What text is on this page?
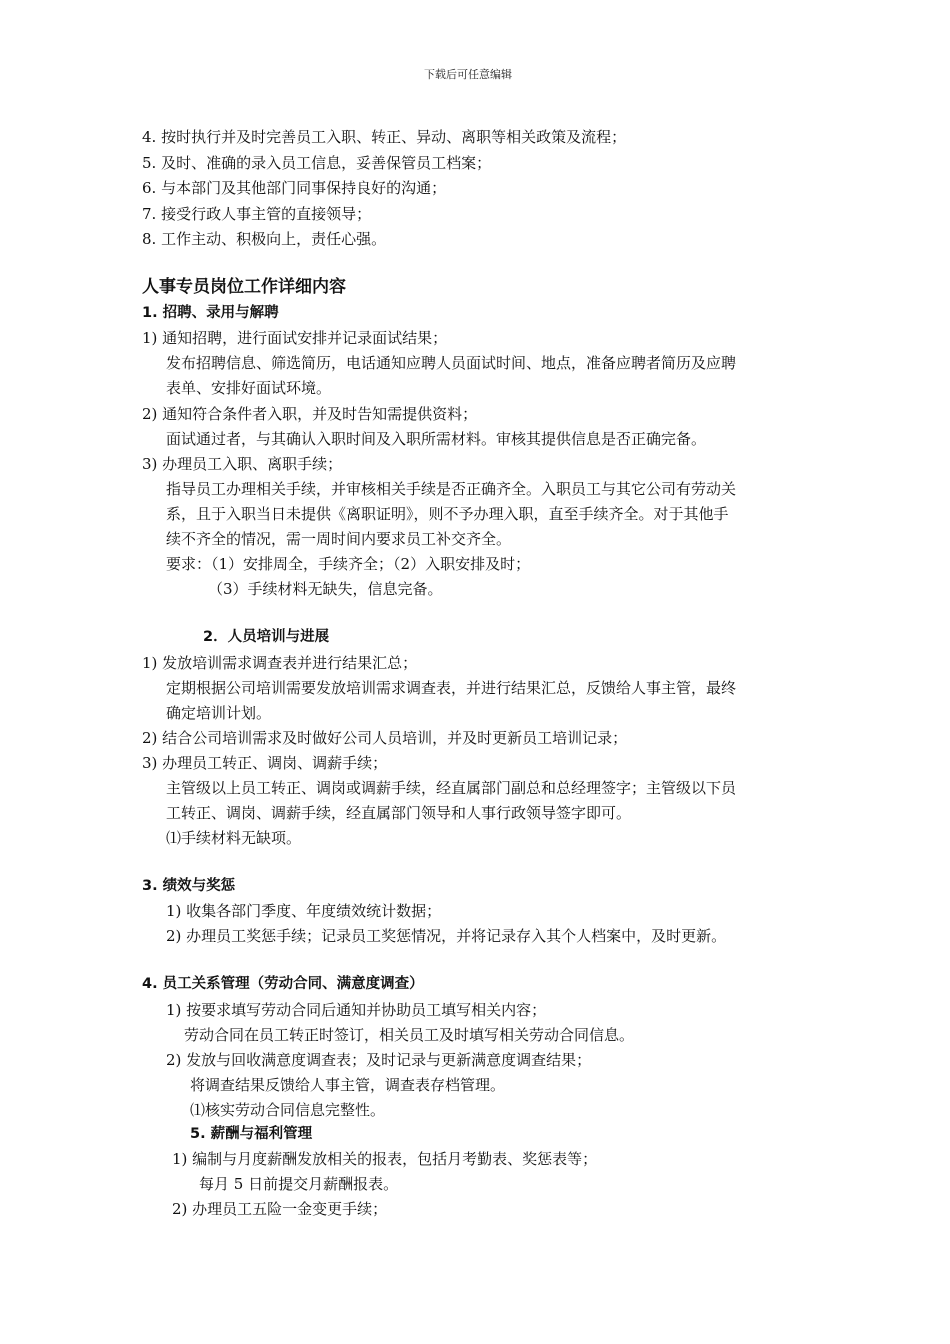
下载后可任意编辑
4. 按时执行并及时完善员工入职、转正、异动、离职等相关政策及流程；
5. 及时、准确的录入员工信息，妥善保管员工档案；
6. 与本部门及其他部门同事保持良好的沟通；
7. 接受行政人事主管的直接领导；
8. 工作主动、积极向上，责任心强。
人事专员岗位工作详细内容
1. 招聘、录用与解聘
1) 通知招聘，进行面试安排并记录面试结果；
发布招聘信息、筛选简历，电话通知应聘人员面试时间、地点，准备应聘者简历及应聘
表单、安排好面试环境。
2) 通知符合条件者入职，并及时告知需提供资料；
面试通过者，与其确认入职时间及入职所需材料。审核其提供信息是否正确完备。
3) 办理员工入职、离职手续；
指导员工办理相关手续，并审核相关手续是否正确齐全。入职员工与其它公司有劳动关
系，且于入职当日未提供《离职证明》，则不予办理入职，直至手续齐全。对于其他手
续不齐全的情况，需一周时间内要求员工补交齐全。
要求：（1）安排周全，手续齐全；（2）入职安排及时；
（3）手续材料无缺失，信息完备。
2．人员培训与进展
1) 发放培训需求调查表并进行结果汇总；
定期根据公司培训需要发放培训需求调查表，并进行结果汇总，反馈给人事主管，最终
确定培训计划。
2) 结合公司培训需求及时做好公司人员培训，并及时更新员工培训记录；
3) 办理员工转正、调岗、调薪手续；
主管级以上员工转正、调岗或调薪手续，经直属部门副总和总经理签字；主管级以下员
工转正、调岗、调薪手续，经直属部门领导和人事行政领导签字即可。
⑴手续材料无缺项。
3. 绩效与奖惩
1) 收集各部门季度、年度绩效统计数据；
2) 办理员工奖惩手续；记录员工奖惩情况，并将记录存入其个人档案中，及时更新。
4. 员工关系管理（劳动合同、满意度调查）
1) 按要求填写劳动合同后通知并协助员工填写相关内容；
劳动合同在员工转正时签订，相关员工及时填写相关劳动合同信息。
2) 发放与回收满意度调查表；及时记录与更新满意度调查结果；
将调查结果反馈给人事主管，调查表存档管理。
⑴核实劳动合同信息完整性。
5. 薪酬与福利管理
1) 编制与月度薪酬发放相关的报表，包括月考勤表、奖惩表等；
每月 5 日前提交月薪酬报表。
2) 办理员工五险一金变更手续；
